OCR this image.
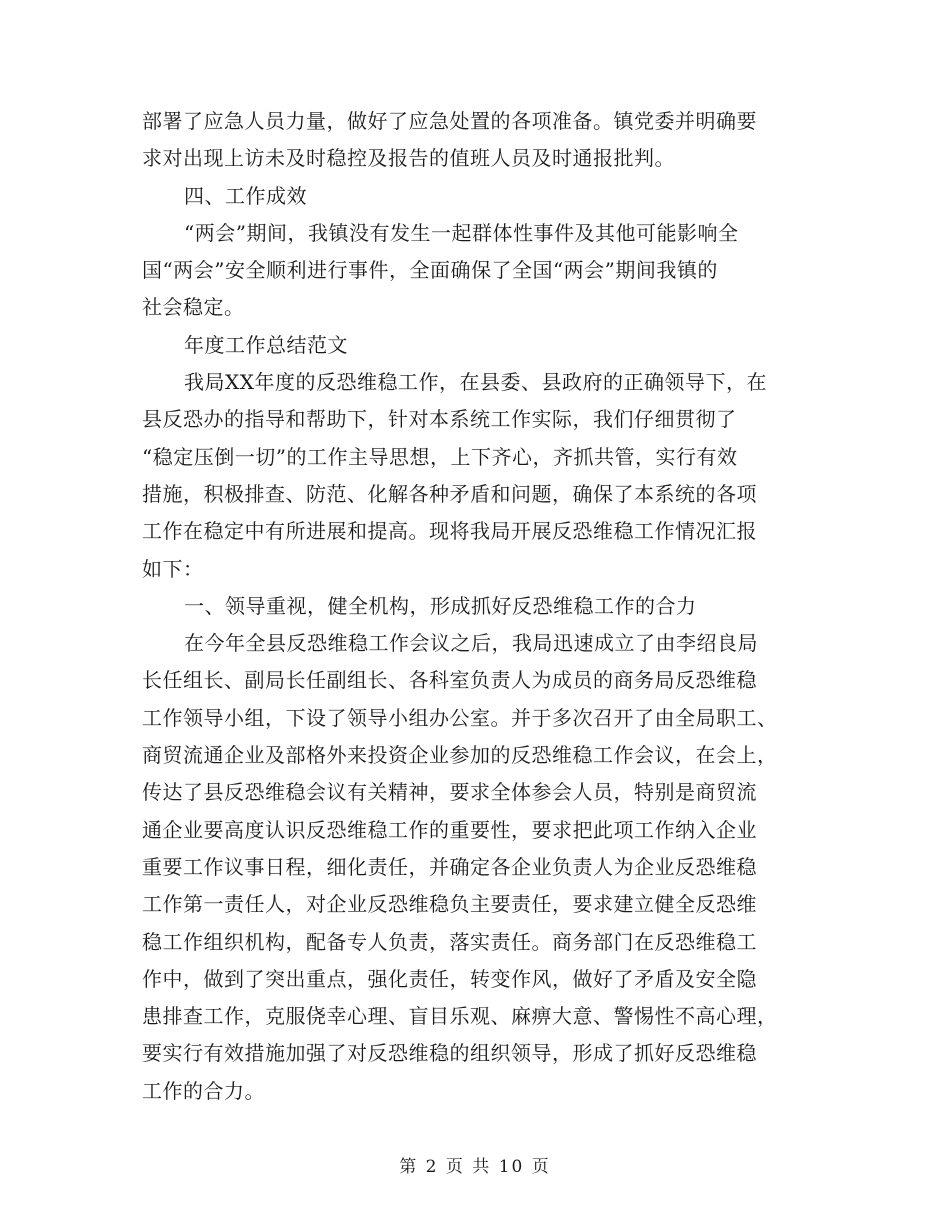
部署了应急人员力量，做好了应急处置的各项准备。镇党委并明确要
求对出现上访未及时稳控及报告的值班人员及时通报批判。
四、工作成效
“两会”期间，我镇没有发生一起群体性事件及其他可能影响全
国“两会”安全顺利进行事件，全面确保了全国“两会”期间我镇的
社会稳定。
年度工作总结范文
我局XX年度的反恐维稳工作，在县委、县政府的正确领导下，在
县反恐办的指导和帮助下，针对本系统工作实际，我们仔细贯彻了
“稳定压倒一切”的工作主导思想，上下齐心，齐抓共管，实行有效
措施，积极排查、防范、化解各种矛盾和问题，确保了本系统的各项
工作在稳定中有所进展和提高。现将我局开展反恐维稳工作情况汇报
如下：
一、领导重视，健全机构，形成抓好反恐维稳工作的合力
在今年全县反恐维稳工作会议之后，我局迅速成立了由李绍良局
长任组长、副局长任副组长、各科室负责人为成员的商务局反恐维稳
工作领导小组，下设了领导小组办公室。并于多次召开了由全局职工、
商贸流通企业及部格外来投资企业参加的反恐维稳工作会议，在会上，
传达了县反恐维稳会议有关精神，要求全体参会人员，特别是商贸流
通企业要高度认识反恐维稳工作的重要性，要求把此项工作纳入企业
重要工作议事日程，细化责任，并确定各企业负责人为企业反恐维稳
工作第一责任人，对企业反恐维稳负主要责任，要求建立健全反恐维
稳工作组织机构，配备专人负责，落实责任。商务部门在反恐维稳工
作中，做到了突出重点，强化责任，转变作风，做好了矛盾及安全隐
患排查工作，克服侥幸心理、盲目乐观、麻痹大意、警惕性不高心理，
要实行有效措施加强了对反恐维稳的组织领导，形成了抓好反恐维稳
工作的合力。
第 2 页 共 10 页
